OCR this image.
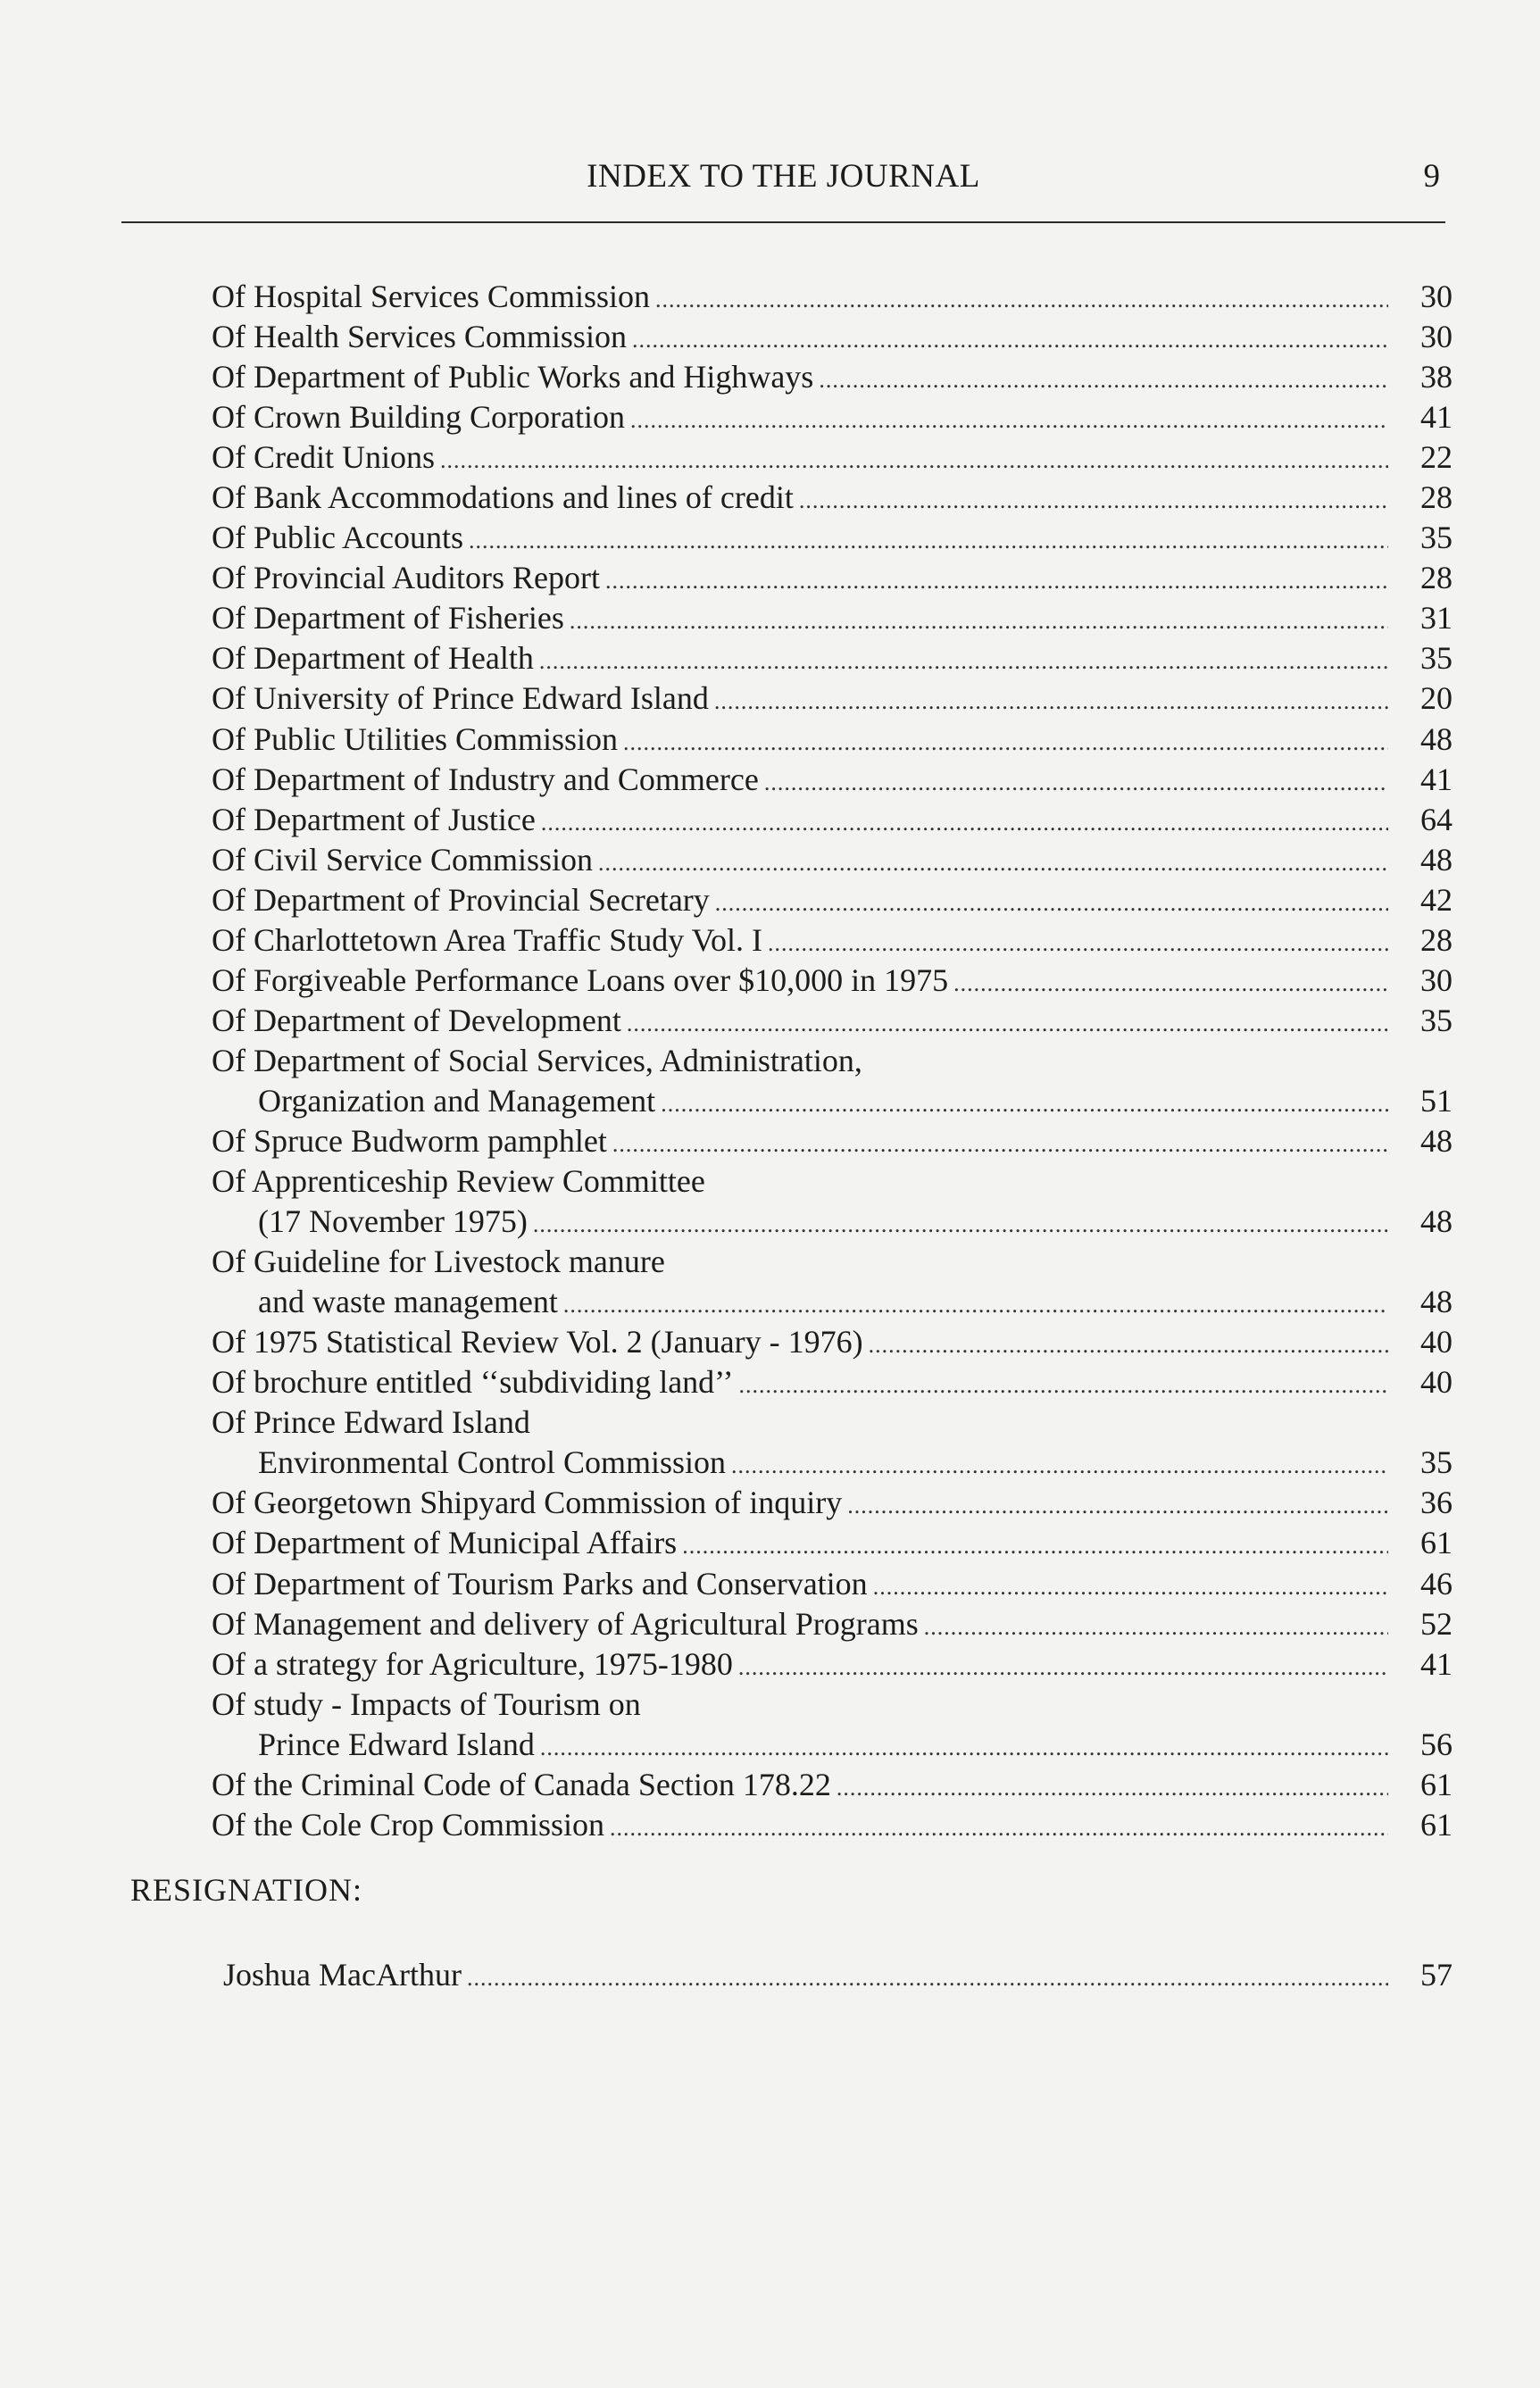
INDEX TO THE JOURNAL	9
Of Hospital Services Commission .....	30
Of Health Services Commission .....	30
Of Department of Public Works and Highways .....	38
Of Crown Building Corporation .....	41
Of Credit Unions .....	22
Of Bank Accommodations and lines of credit .....	28
Of Public Accounts .....	35
Of Provincial Auditors Report .....	28
Of Department of Fisheries .....	31
Of Department of Health .....	35
Of University of Prince Edward Island .....	20
Of Public Utilities Commission .....	48
Of Department of Industry and Commerce .....	41
Of Department of Justice .....	64
Of Civil Service Commission .....	48
Of Department of Provincial Secretary .....	42
Of Charlottetown Area Traffic Study Vol. I .....	28
Of Forgiveable Performance Loans over $10,000 in 1975 .....	30
Of Department of Development .....	35
Of Department of Social Services, Administration,
Organization and Management .....	51
Of Spruce Budworm pamphlet .....	48
Of Apprenticeship Review Committee
(17 November 1975) .....	48
Of Guideline for Livestock manure
and waste management .....	48
Of 1975 Statistical Review Vol. 2 (January - 1976) .....	40
Of brochure entitled ‘‘subdividing land’’ .....	40
Of Prince Edward Island
Environmental Control Commission .....	35
Of Georgetown Shipyard Commission of inquiry .....	36
Of Department of Municipal Affairs .....	61
Of Department of Tourism Parks and Conservation .....	46
Of Management and delivery of Agricultural Programs .....	52
Of a strategy for Agriculture, 1975-1980 .....	41
Of study - Impacts of Tourism on
Prince Edward Island .....	56
Of the Criminal Code of Canada Section 178.22 .....	61
Of the Cole Crop Commission .....	61
RESIGNATION:
Joshua MacArthur .....	57
